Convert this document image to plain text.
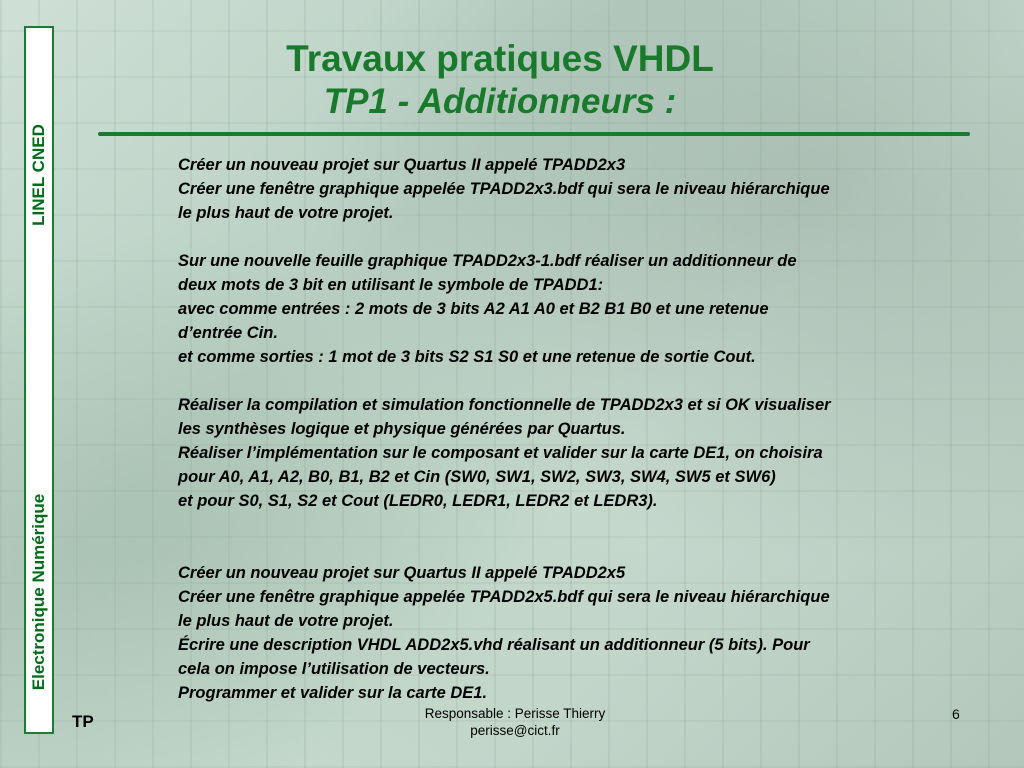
LINEL CNED
Electronique Numérique
Travaux pratiques VHDL
TP1 - Additionneurs :

Créer un nouveau projet sur Quartus II appelé TPADD2x3

Créer une fenêtre graphique appelée TPADD2x3.bdf qui sera le niveau hiérarchique

le plus haut de votre projet.

Sur une nouvelle feuille graphique TPADD2x3-1.bdf réaliser un additionneur de

deux mots de 3 bit en utilisant le symbole de TPADD1:

avec comme entrées : 2 mots de 3 bits A2 A1 A0 et B2 B1 B0 et une retenue

d’entrée Cin.

et comme sorties : 1 mot de 3 bits S2 S1 S0 et une retenue de sortie Cout.

Réaliser la compilation et simulation fonctionnelle de TPADD2x3 et si OK visualiser

les synthèses logique et physique générées par Quartus.

Réaliser l’implémentation sur le composant et valider sur la carte DE1, on choisira

pour A0, A1, A2, B0, B1, B2 et Cin (SW0, SW1, SW2, SW3, SW4, SW5 et SW6)

et pour S0, S1, S2 et Cout (LEDR0, LEDR1, LEDR2 et LEDR3).

Créer un nouveau projet sur Quartus II appelé TPADD2x5

Créer une fenêtre graphique appelée TPADD2x5.bdf qui sera le niveau hiérarchique

le plus haut de votre projet.

Écrire une description VHDL ADD2x5.vhd réalisant un additionneur (5 bits). Pour

cela on impose l’utilisation de vecteurs.

Programmer et valider sur la carte DE1.

TP	Responsable : Perisse Thierry
perisse@cict.fr
6
